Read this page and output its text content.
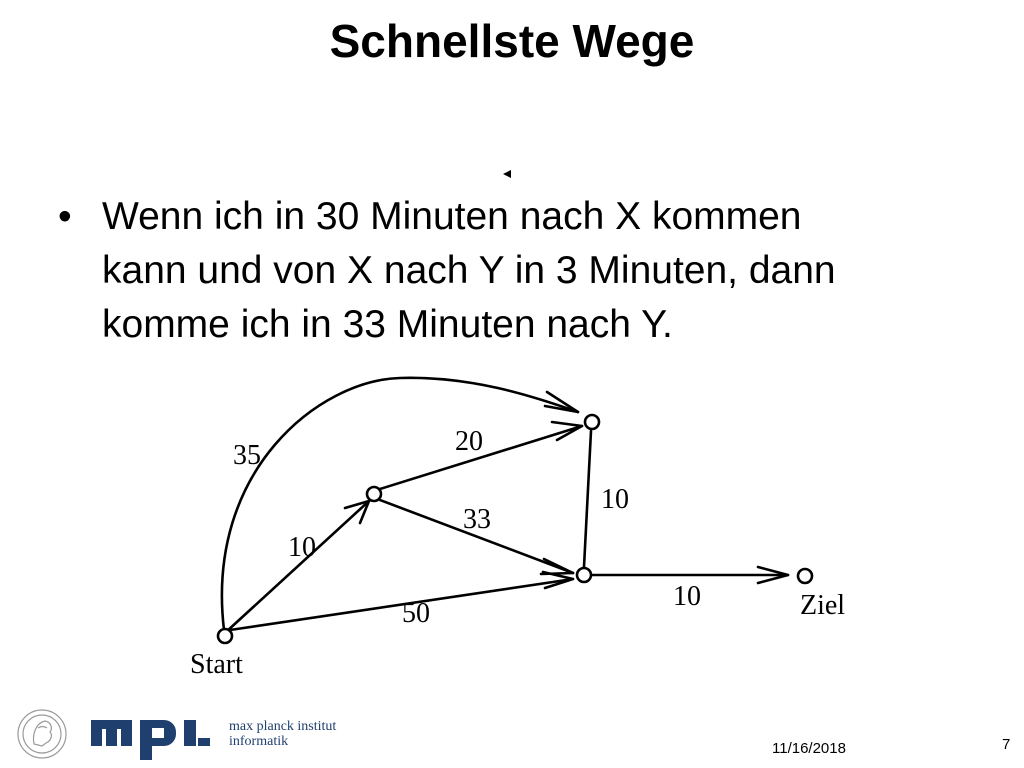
Schnellste Wege
• Wenn ich in 30 Minuten nach X kommen
kann und von X nach Y in 3 Minuten, dann
komme ich in 33 Minuten nach Y.
35
10
50
20
33
10
10
Start
Ziel
max planck institut
informatik	11/16/2018	7
